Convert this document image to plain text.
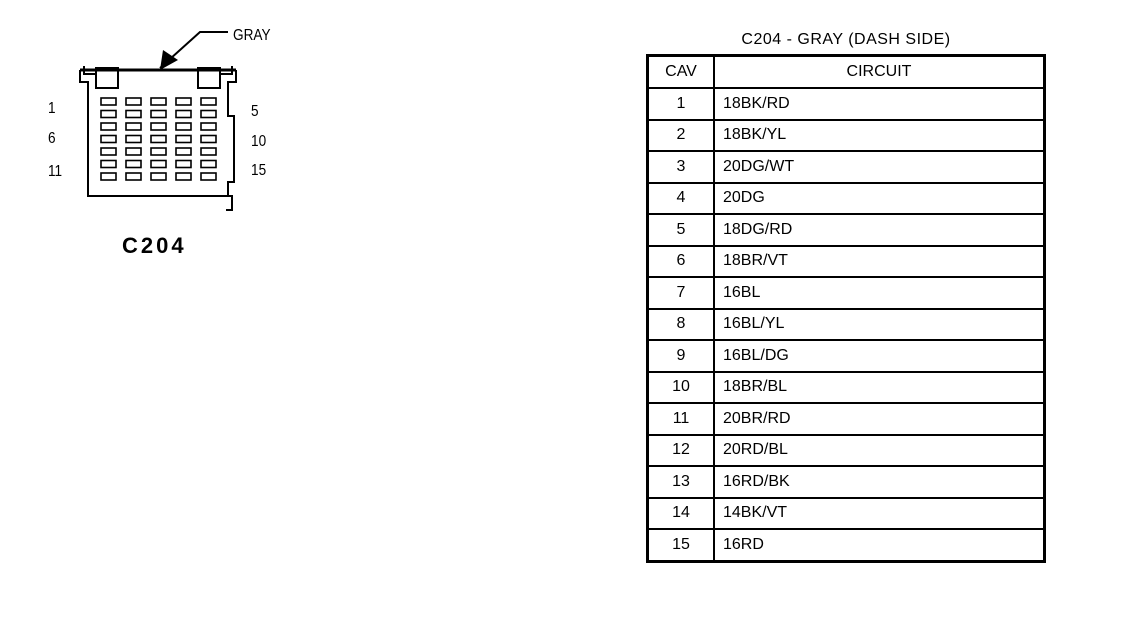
GRAY
1
6
11
5
10
15
C204
C204 - GRAY (DASH SIDE)
CAV	CIRCUIT
1	18BK/RD
2	18BK/YL
3	20DG/WT
4	20DG
5	18DG/RD
6	18BR/VT
7	16BL
8	16BL/YL
9	16BL/DG
10	18BR/BL
11	20BR/RD
12	20RD/BL
13	16RD/BK
14	14BK/VT
15	16RD
